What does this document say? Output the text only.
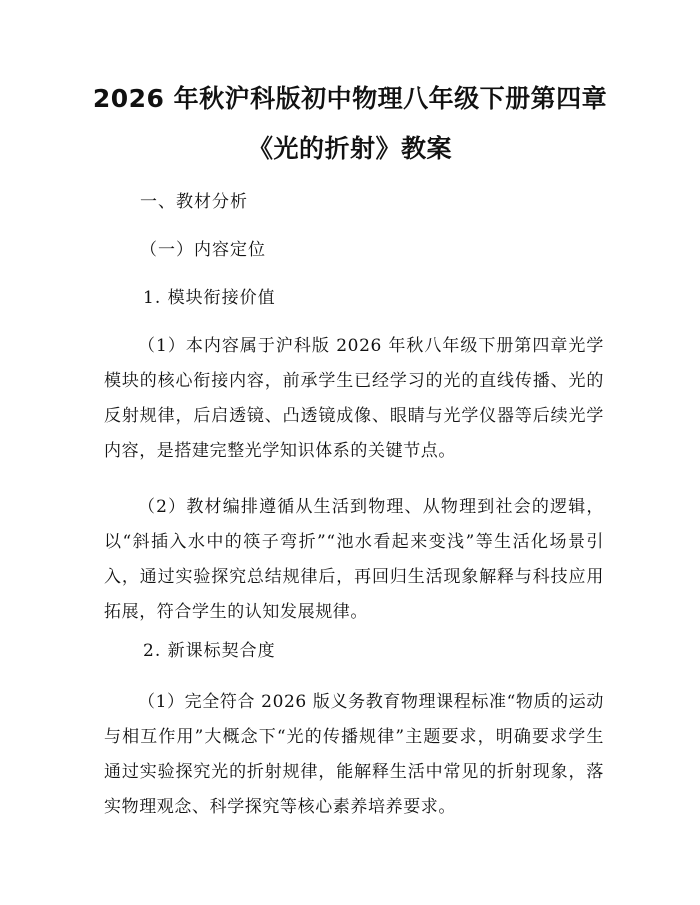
2026 年秋沪科版初中物理八年级下册第四章
《光的折射》教案
一、教材分析
（一）内容定位
1. 模块衔接价值

（1）本内容属于沪科版 2026 年秋八年级下册第四章光学模块的核心衔接内容，前承学生已经学习的光的直线传播、光的反射规律，后启透镜、凸透镜成像、眼睛与光学仪器等后续光学内容，是搭建完整光学知识体系的关键节点。

（2）教材编排遵循从生活到物理、从物理到社会的逻辑，以“斜插入水中的筷子弯折”“池水看起来变浅”等生活化场景引入，通过实验探究总结规律后，再回归生活现象解释与科技应用拓展，符合学生的认知发展规律。

2. 新课标契合度

（1）完全符合 2026 版义务教育物理课程标准“物质的运动与相互作用”大概念下“光的传播规律”主题要求，明确要求学生通过实验探究光的折射规律，能解释生活中常见的折射现象，落实物理观念、科学探究等核心素养培养要求。
